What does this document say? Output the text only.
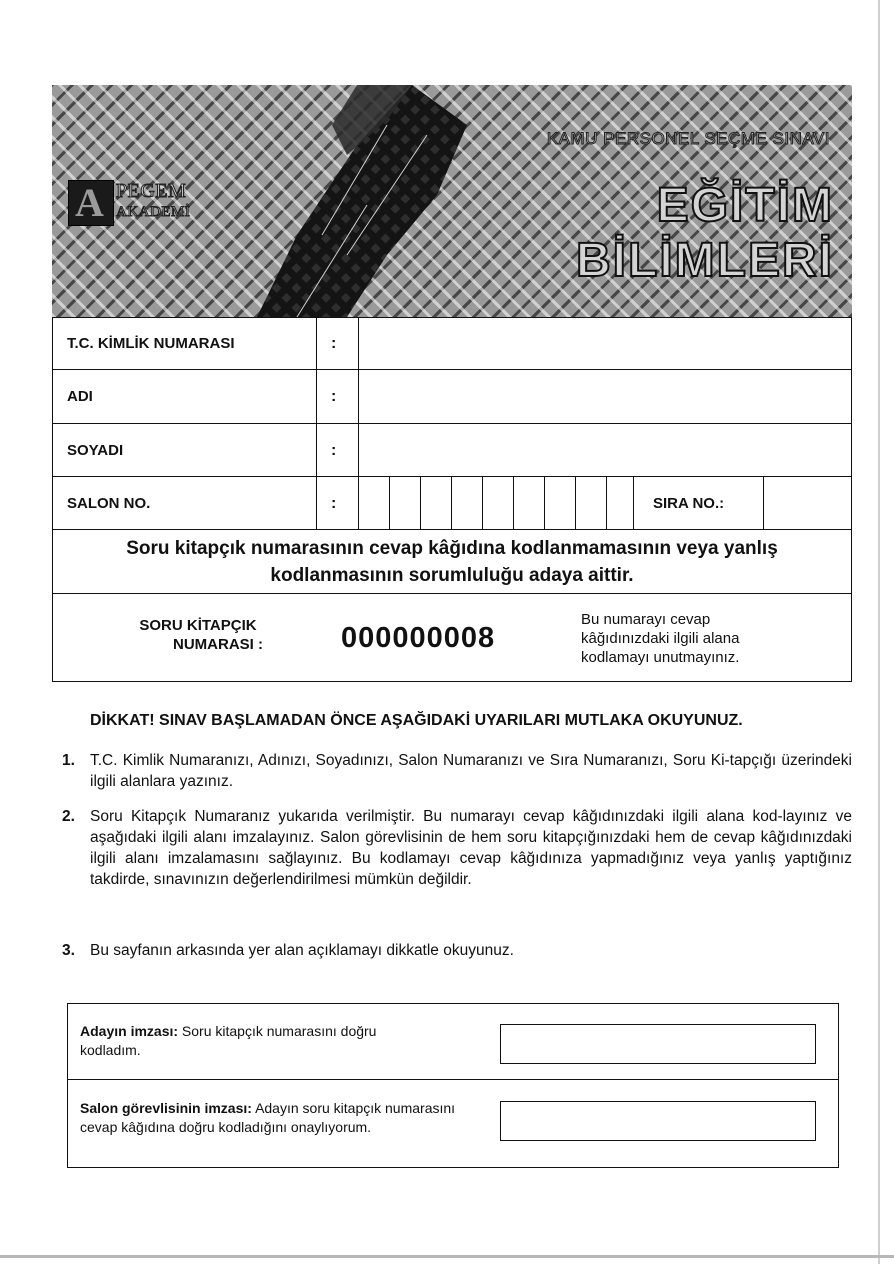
A PEGEM
AKADEMİ
KAMU PERSONEL SEÇME SINAVI
EĞİTİM
BİLİMLERİ
T.C. KİMLİK NUMARASI	:
ADI	:
SOYADI	:
SALON NO.	:	SIRA NO.:
Soru kitapçık numarasının cevap kâğıdına kodlanmamasının veya yanlış
kodlanmasının sorumluluğu adaya aittir.
SORU KİTAPÇIK
NUMARASI :	000000008
Bu numarayı cevap
kâğıdınızdaki ilgili alana
kodlamayı unutmayınız.
DİKKAT! SINAV BAŞLAMADAN ÖNCE AŞAĞIDAKİ UYARILARI MUTLAKA OKUYUNUZ.
1. T.C. Kimlik Numaranızı, Adınızı, Soyadınızı, Salon Numaranızı ve Sıra Numaranızı, Soru Ki-tapçığı üzerindeki ilgili alanlara yazınız.
2. Soru Kitapçık Numaranız yukarıda verilmiştir. Bu numarayı cevap kâğıdınızdaki ilgili alana kod-layınız ve aşağıdaki ilgili alanı imzalayınız. Salon görevlisinin de hem soru kitapçığınızdaki hem de cevap kâğıdınızdaki ilgili alanı imzalamasını sağlayınız. Bu kodlamayı cevap kâğıdınıza yapmadığınız veya yanlış yaptığınız takdirde, sınavınızın değerlendirilmesi mümkün değildir.
3. Bu sayfanın arkasında yer alan açıklamayı dikkatle okuyunuz.
Adayın imzası: Soru kitapçık numarasını doğru kodladım.
Salon görevlisinin imzası: Adayın soru kitapçık numarasını cevap kâğıdına doğru kodladığını onaylıyorum.
